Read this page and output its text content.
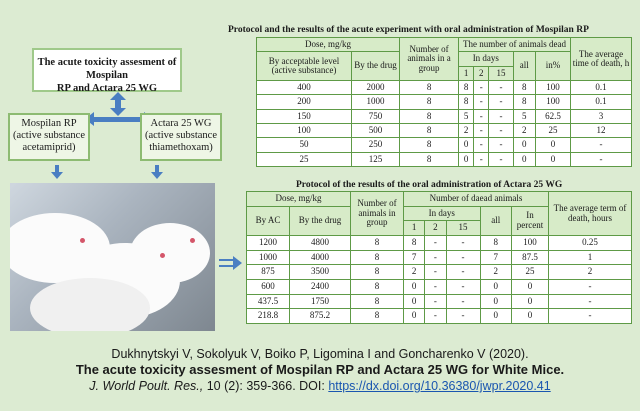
The acute toxicity assesment of Mospilan
RP and Actara 25 WG
Mospilan RP
(active substance
acetamiprid)
Actara 25 WG
(active substance
thiamethoxam)
Protocol and the results of the acute experiment with oral administration of Mospilan RP
Dose, mg/kg		Number of animals in a group	The number of animals dead					The average time of death, h
By acceptable level (active substance)	By the drug		In days			all	in%	
			1	2	15			
400	2000	8	8	-	-	8	100	0.1
200	1000	8	8	-	-	8	100	0.1
150	750	8	5	-	-	5	62.5	3
100	500	8	2	-	-	2	25	12
50	250	8	0	-	-	0	0	-
25	125	8	0	-	-	0	0	-
Protocol of the results of the oral administration of Actara 25 WG
Dose, mg/kg		Number of animals in group	Number of daead animals					The average term of death, hours
By AC	By the drug		In days			all	In percent	
			1	2	15			
1200	4800	8	8	-	-	8	100	0.25
1000	4000	8	7	-	-	7	87.5	1
875	3500	8	2	-	-	2	25	2
600	2400	8	0	-	-	0	0	-
437.5	1750	8	0	-	-	0	0	-
218.8	875.2	8	0	-	-	0	0	-
Dukhnytskyi V, Sokolyuk V, Boiko P, Ligomina I and Goncharenko V (2020).
The acute toxicity assesment of Mospilan RP and Actara 25 WG for White Mice.
J. World Poult. Res., 10 (2): 359-366. DOI: https://dx.doi.org/10.36380/jwpr.2020.41
